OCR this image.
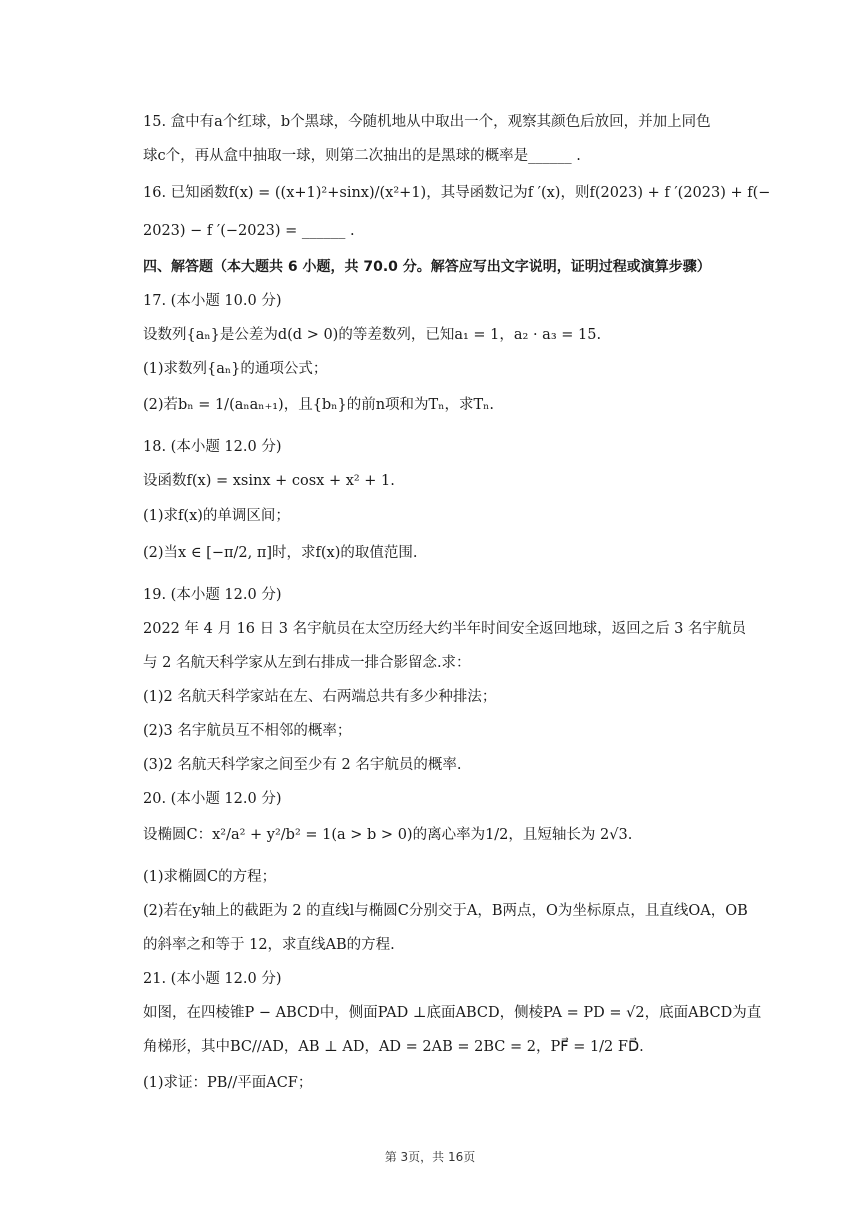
15. 盒中有a个红球，b个黑球，今随机地从中取出一个，观察其颜色后放回，并加上同色
球c个，再从盒中抽取一球，则第二次抽出的是黑球的概率是______ .
16. 已知函数f(x) = ((x+1)²+sinx)/(x²+1)，其导函数记为f ′(x)，则f(2023) + f ′(2023) + f(−
2023) − f ′(−2023) = ______ .
四、解答题（本大题共 6 小题，共 70.0 分。解答应写出文字说明，证明过程或演算步骤）
17. (本小题 10.0 分)
设数列{aₙ}是公差为d(d > 0)的等差数列，已知a₁ = 1，a₂ · a₃ = 15.
(1)求数列{aₙ}的通项公式；
(2)若bₙ = 1/(aₙaₙ₊₁)，且{bₙ}的前n项和为Tₙ，求Tₙ.
18. (本小题 12.0 分)
设函数f(x) = xsinx + cosx + x² + 1.
(1)求f(x)的单调区间；
(2)当x ∈ [−π/2, π]时，求f(x)的取值范围.
19. (本小题 12.0 分)
2022 年 4 月 16 日 3 名宇航员在太空历经大约半年时间安全返回地球，返回之后 3 名宇航员
与 2 名航天科学家从左到右排成一排合影留念.求：
(1)2 名航天科学家站在左、右两端总共有多少种排法；
(2)3 名宇航员互不相邻的概率；
(3)2 名航天科学家之间至少有 2 名宇航员的概率.
20. (本小题 12.0 分)
设椭圆C：x²/a² + y²/b² = 1(a > b > 0)的离心率为1/2，且短轴长为 2√3.
(1)求椭圆C的方程；
(2)若在y轴上的截距为 2 的直线l与椭圆C分别交于A，B两点，O为坐标原点，且直线OA，OB
的斜率之和等于 12，求直线AB的方程.
21. (本小题 12.0 分)
如图，在四棱锥P − ABCD中，侧面PAD ⊥底面ABCD，侧棱PA = PD = √2，底面ABCD为直
角梯形，其中BC//AD，AB ⊥ AD，AD = 2AB = 2BC = 2，PF⃗ = 1/2 FD⃗.
(1)求证：PB//平面ACF；
第 3页，共 16页
